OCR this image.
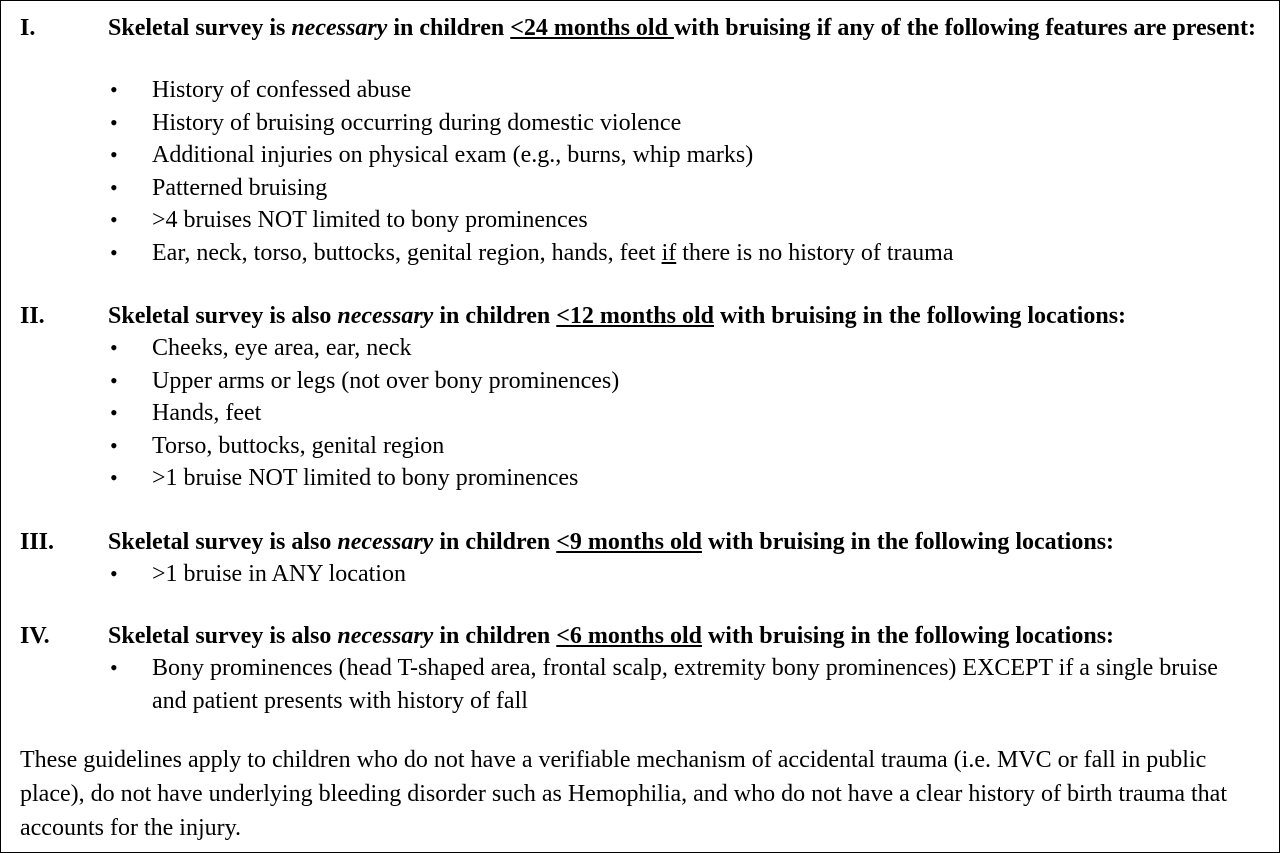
I.	Skeletal survey is necessary in children <24 months old with bruising if any of the following features are present:
• History of confessed abuse
• History of bruising occurring during domestic violence
• Additional injuries on physical exam (e.g., burns, whip marks)
• Patterned bruising
• >4 bruises NOT limited to bony prominences
• Ear, neck, torso, buttocks, genital region, hands, feet if there is no history of trauma
II.	Skeletal survey is also necessary in children <12 months old with bruising in the following locations:
• Cheeks, eye area, ear, neck
• Upper arms or legs (not over bony prominences)
• Hands, feet
• Torso, buttocks, genital region
• >1 bruise NOT limited to bony prominences
III. Skeletal survey is also necessary in children <9 months old with bruising in the following locations:
• >1 bruise in ANY location
IV. Skeletal survey is also necessary in children <6 months old with bruising in the following locations:
• Bony prominences (head T-shaped area, frontal scalp, extremity bony prominences) EXCEPT if a single bruise and patient presents with history of fall
These guidelines apply to children who do not have a verifiable mechanism of accidental trauma (i.e. MVC or fall in public place), do not have underlying bleeding disorder such as Hemophilia, and who do not have a clear history of birth trauma that accounts for the injury.
